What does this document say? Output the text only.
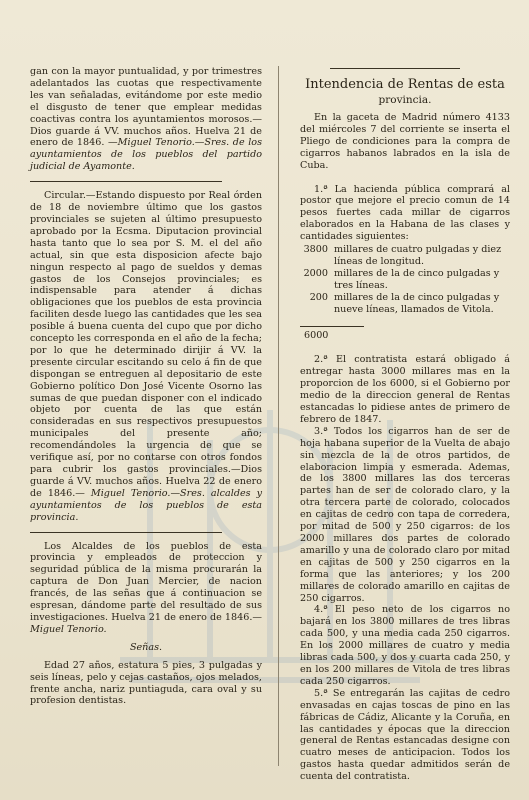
gan con la mayor puntualidad, y por trimestres adelantados las cuotas que respectivamente les van señaladas, evitándome por este medio el disgusto de tener que emplear medidas coactivas contra los ayuntamientos morosos.— Dios guarde á VV. muchos años. Huelva 21 de enero de 1846. —Miguel Tenorio.—Sres. de los ayuntamientos de los pueblos del partido judicial de Ayamonte.

Circular.—Estando dispuesto por Real órden de 18 de noviembre último que los gastos provinciales se sujeten al último presupuesto aprobado por la Ecsma. Diputacion provincial hasta tanto que lo sea por S. M. el del año actual, sin que esta disposicion afecte bajo ningun respecto al pago de sueldos y demas gastos de los Consejos provinciales; es indispensable para atender á dichas obligaciones que los pueblos de esta provincia faciliten desde luego las cantidades que les sea posible á buena cuenta del cupo que por dicho concepto les corresponda en el año de la fecha; por lo que he determinado dirijir á VV. la presente circular escitando su celo á fin de que dispongan se entreguen al depositario de este Gobierno político Don José Vicente Osorno las sumas de que puedan disponer con el indicado objeto por cuenta de las que están consideradas en sus respectivos presupuestos municipales del presente año; recomendándoles la urgencia de que se verifique así, por no contarse con otros fondos para cubrir los gastos provinciales.—Dios guarde á VV. muchos años. Huelva 22 de enero de 1846.— Miguel Tenorio.—Sres. alcaldes y ayuntamientos de los pueblos de esta provincia.

Los Alcaldes de los pueblos de esta provincia y empleados de proteccion y seguridad pública de la misma procurarán la captura de Don Juan Mercier, de nacion francés, de las señas que á continuacion se espresan, dándome parte del resultado de sus investigaciones. Huelva 21 de enero de 1846.— Miguel Tenorio.

Señas.

Edad 27 años, estatura 5 pies, 3 pulgadas y seis líneas, pelo y cejas castaños, ojos melados, frente ancha, nariz puntiaguda, cara oval y su profesion dentistas.

Intendencia de Rentas de esta
provincia.

En la gaceta de Madrid número 4133 del miércoles 7 del corriente se inserta el Pliego de condiciones para la compra de cigarros habanos labrados en la isla de Cuba.

1.ª La hacienda pública comprará al postor que mejore el precio comun de 14 pesos fuertes cada millar de cigarros elaborados en la Habana de las clases y cantidades siguientes:

3800 millares de cuatro pulgadas y diez líneas de longitud.
2000 millares de la de cinco pulgadas y tres líneas.
200 millares de la de cinco pulgadas y nueve líneas, llamados de Vitola.
6000

2.ª El contratista estará obligado á entregar hasta 3000 millares mas en la proporcion de los 6000, si el Gobierno por medio de la direccion general de Rentas estancadas lo pidiese antes de primero de febrero de 1847.

3.ª Todos los cigarros han de ser de hoja habana superior de la Vuelta de abajo sin mezcla de la de otros partidos, de elaboracion limpia y esmerada. Ademas, de los 3800 millares las dos terceras partes han de ser de colorado claro, y la otra tercera parte de colorado, colocados en cajitas de cedro con tapa de corredera, por mitad de 500 y 250 cigarros: de los 2000 millares dos partes de colorado amarillo y una de colorado claro por mitad en cajitas de 500 y 250 cigarros en la forma que las anteriores; y los 200 millares de colorado amarillo en cajitas de 250 cigarros.

4.ª El peso neto de los cigarros no bajará en los 3800 millares de tres libras cada 500, y una media cada 250 cigarros. En los 2000 millares de cuatro y media libras cada 500, y dos y cuarta cada 250, y en los 200 millares de Vitola de tres libras cada 250 cigarros.

5.ª Se entregarán las cajitas de cedro envasadas en cajas toscas de pino en las fábricas de Cádiz, Alicante y la Coruña, en las cantidades y épocas que la direccion general de Rentas estancadas designe con cuatro meses de anticipacion. Todos los gastos hasta quedar admitidos serán de cuenta del contratista.
